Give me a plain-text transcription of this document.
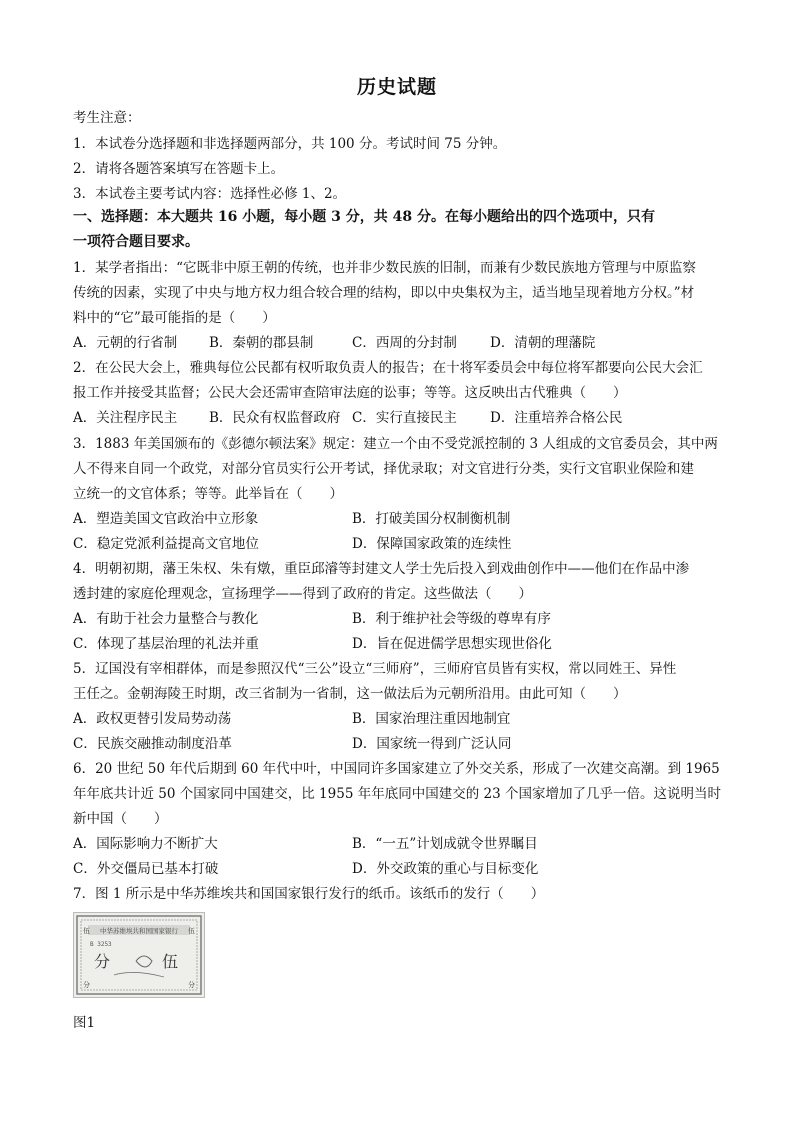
历史试题
考生注意：
1．本试卷分选择题和非选择题两部分，共 100 分。考试时间 75 分钟。
2．请将各题答案填写在答题卡上。
3．本试卷主要考试内容：选择性必修 1、2。
一、选择题：本大题共 16 小题，每小题 3 分，共 48 分。在每小题给出的四个选项中，只有
一项符合题目要求。
1．某学者指出：“它既非中原王朝的传统，也并非少数民族的旧制，而兼有少数民族地方管理与中原监察
传统的因素，实现了中央与地方权力组合较合理的结构，即以中央集权为主，适当地呈现着地方分权。”材
料中的“它”最可能指的是（　　）
A．元朝的行省制 B．秦朝的郡县制	C．西周的分封制 D．清朝的理藩院
2．在公民大会上，雅典每位公民都有权听取负责人的报告；在十将军委员会中每位将军都要向公民大会汇
报工作并接受其监督；公民大会还需审查陪审法庭的讼事；等等。这反映出古代雅典（　　）
A．关注程序民主 B．民众有权监督政府 C．实行直接民主 D．注重培养合格公民
3．1883 年美国颁布的《彭德尔顿法案》规定：建立一个由不受党派控制的 3 人组成的文官委员会，其中两
人不得来自同一个政党，对部分官员实行公开考试，择优录取；对文官进行分类，实行文官职业保险和建
立统一的文官体系；等等。此举旨在（　　）
A．塑造美国文官政治中立形象	B．打破美国分权制衡机制
C．稳定党派利益提高文官地位	D．保障国家政策的连续性
4．明朝初期，藩王朱权、朱有燉，重臣邱濬等封建文人学士先后投入到戏曲创作中——他们在作品中渗
透封建的家庭伦理观念，宣扬理学——得到了政府的肯定。这些做法（　　）
A．有助于社会力量整合与教化	B．利于维护社会等级的尊卑有序
C．体现了基层治理的礼法并重	D．旨在促进儒学思想实现世俗化
5．辽国没有宰相群体，而是参照汉代“三公”设立“三师府”，三师府官员皆有实权，常以同姓王、异性
王任之。金朝海陵王时期，改三省制为一省制，这一做法后为元朝所沿用。由此可知（　　）
A．政权更替引发局势动荡	B．国家治理注重因地制宜
C．民族交融推动制度沿革	D．国家统一得到广泛认同
6．20 世纪 50 年代后期到 60 年代中叶，中国同许多国家建立了外交关系，形成了一次建交高潮。到 1965
年年底共计近 50 个国家同中国建交，比 1955 年年底同中国建交的 23 个国家增加了几乎一倍。这说明当时
新中国（　　）
A．国际影响力不断扩大	B．“一五”计划成就令世界瞩目
C．外交僵局已基本打破	D．外交政策的重心与目标变化
7．图 1 所示是中华苏维埃共和国国家银行发行的纸币。该纸币的发行（　　）
中华苏维埃共和国国家银行
伍	伍
B 3253
分	伍
分	分
图1
